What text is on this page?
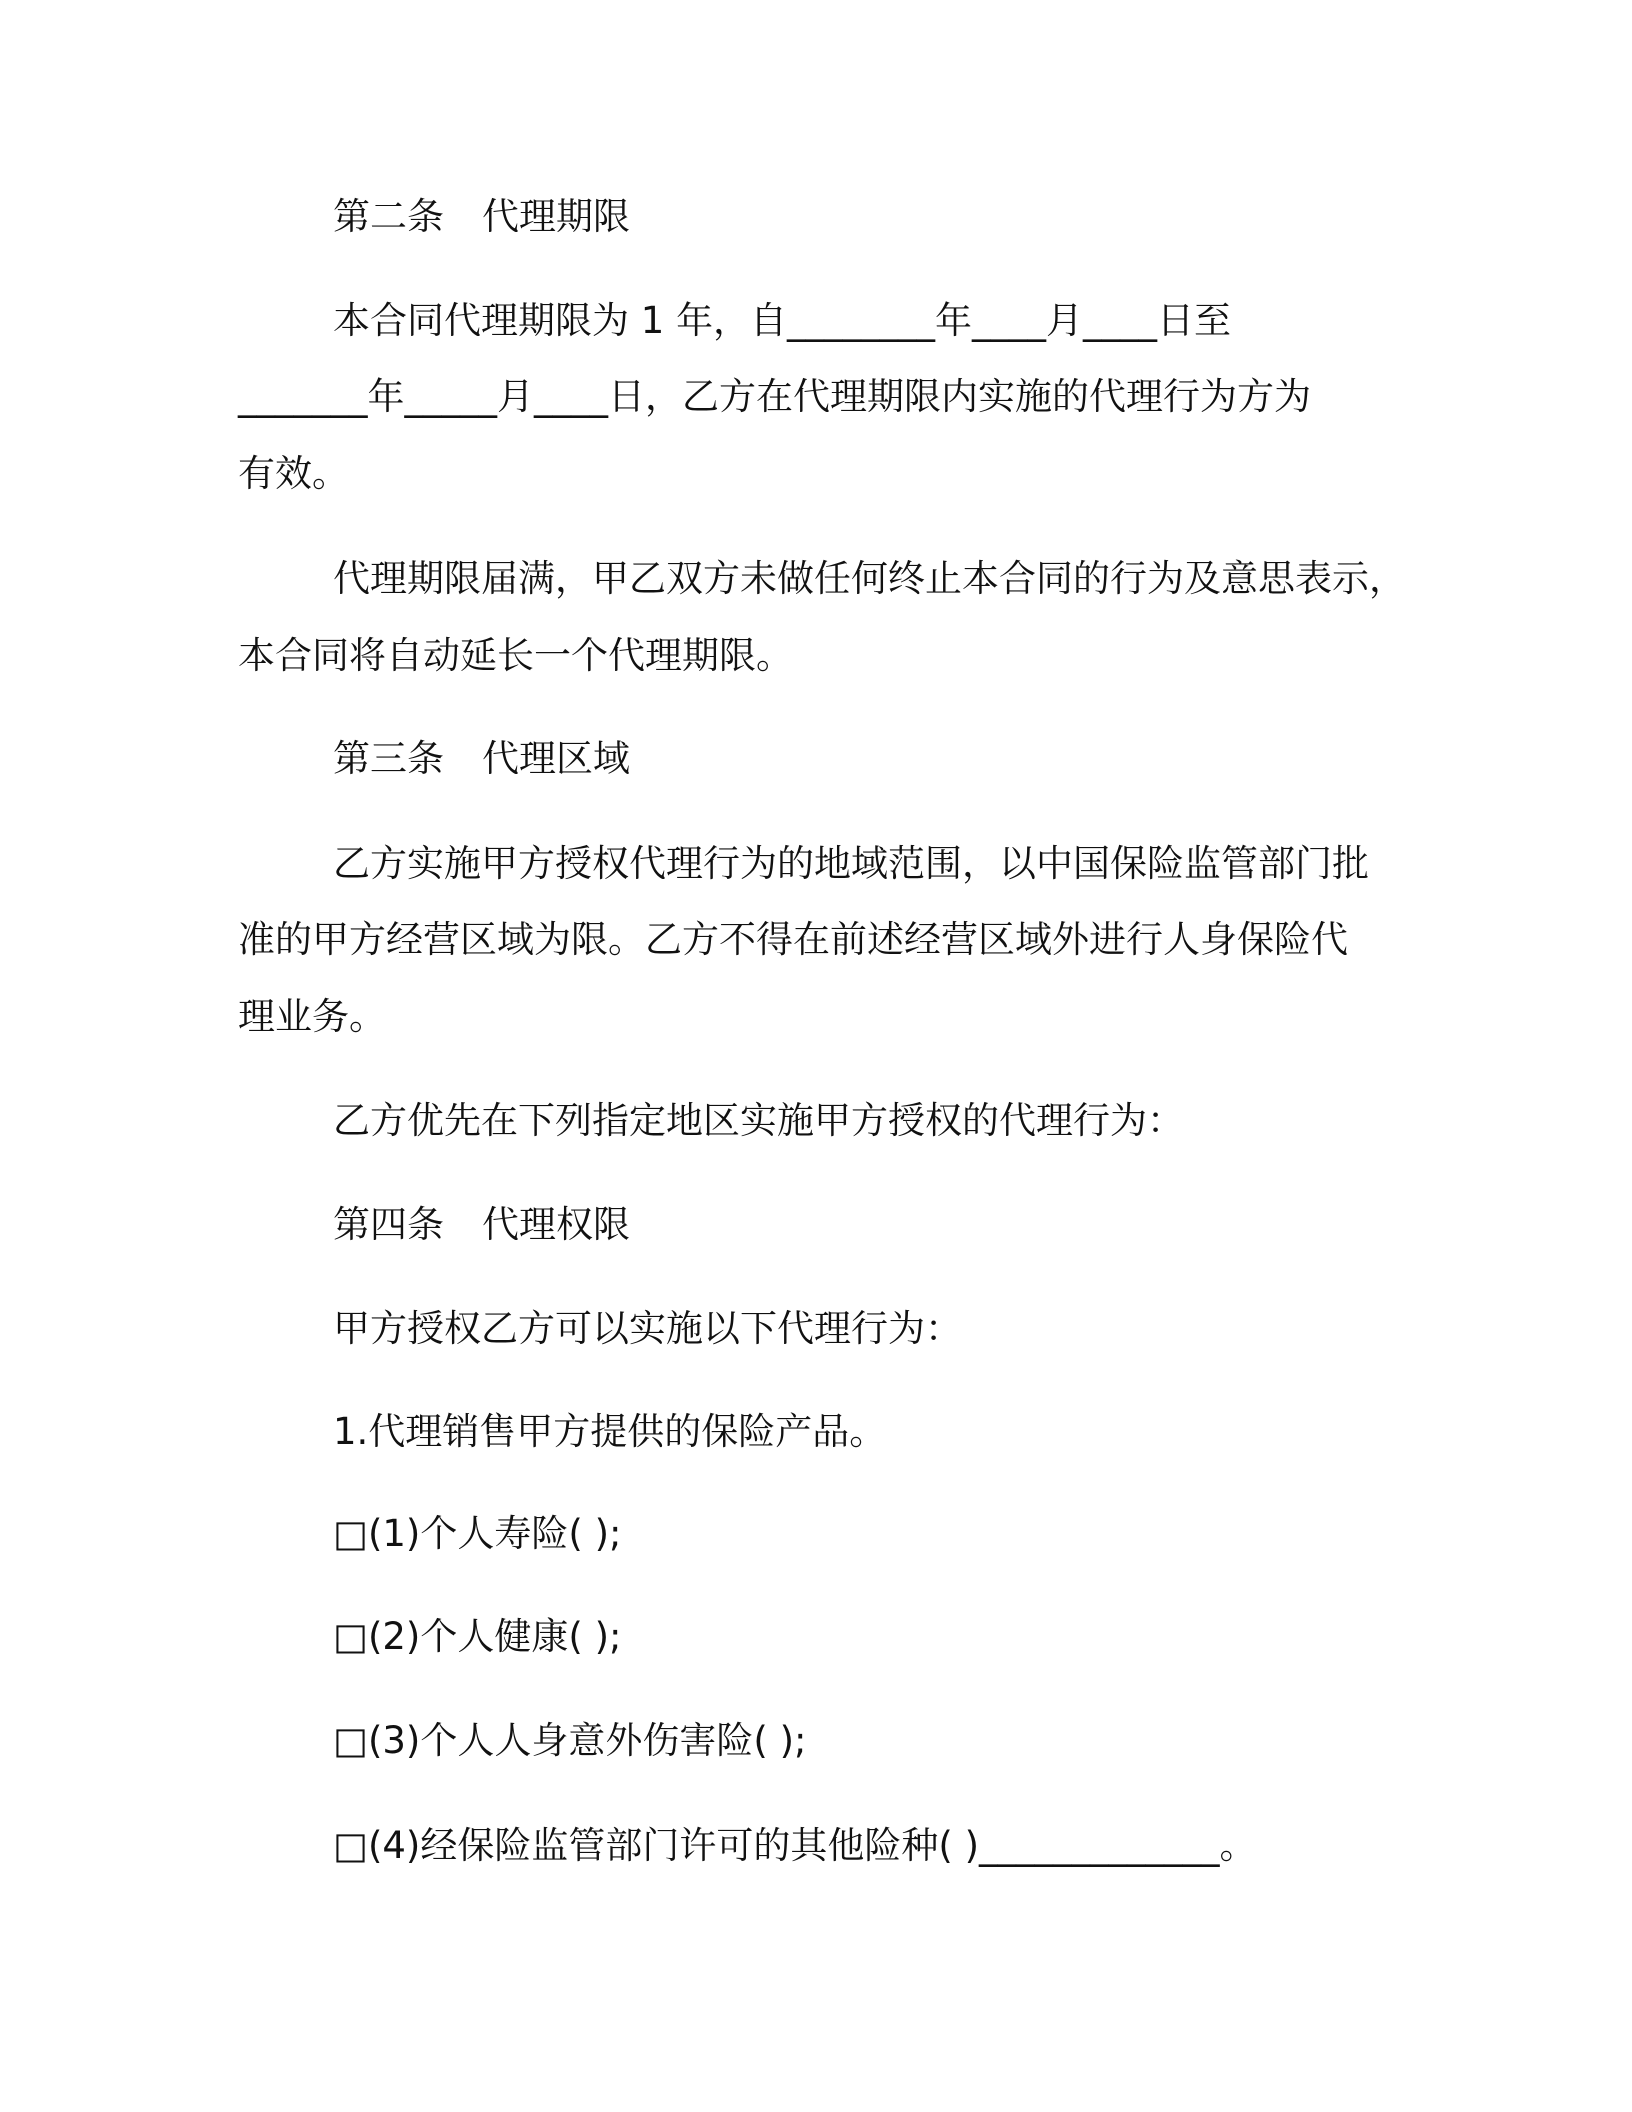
第二条 代理期限
本合同代理期限为 1 年，自________年____月____日至
_______年_____月____日，乙方在代理期限内实施的代理行为方为
有效。
代理期限届满，甲乙双方未做任何终止本合同的行为及意思表示，
本合同将自动延长一个代理期限。
第三条 代理区域
乙方实施甲方授权代理行为的地域范围，以中国保险监管部门批
准的甲方经营区域为限。乙方不得在前述经营区域外进行人身保险代
理业务。
乙方优先在下列指定地区实施甲方授权的代理行为：
第四条 代理权限
甲方授权乙方可以实施以下代理行为：
1.代理销售甲方提供的保险产品。
□(1)个人寿险( );
□(2)个人健康( );
□(3)个人人身意外伤害险( );
□(4)经保险监管部门许可的其他险种( )_____________。
